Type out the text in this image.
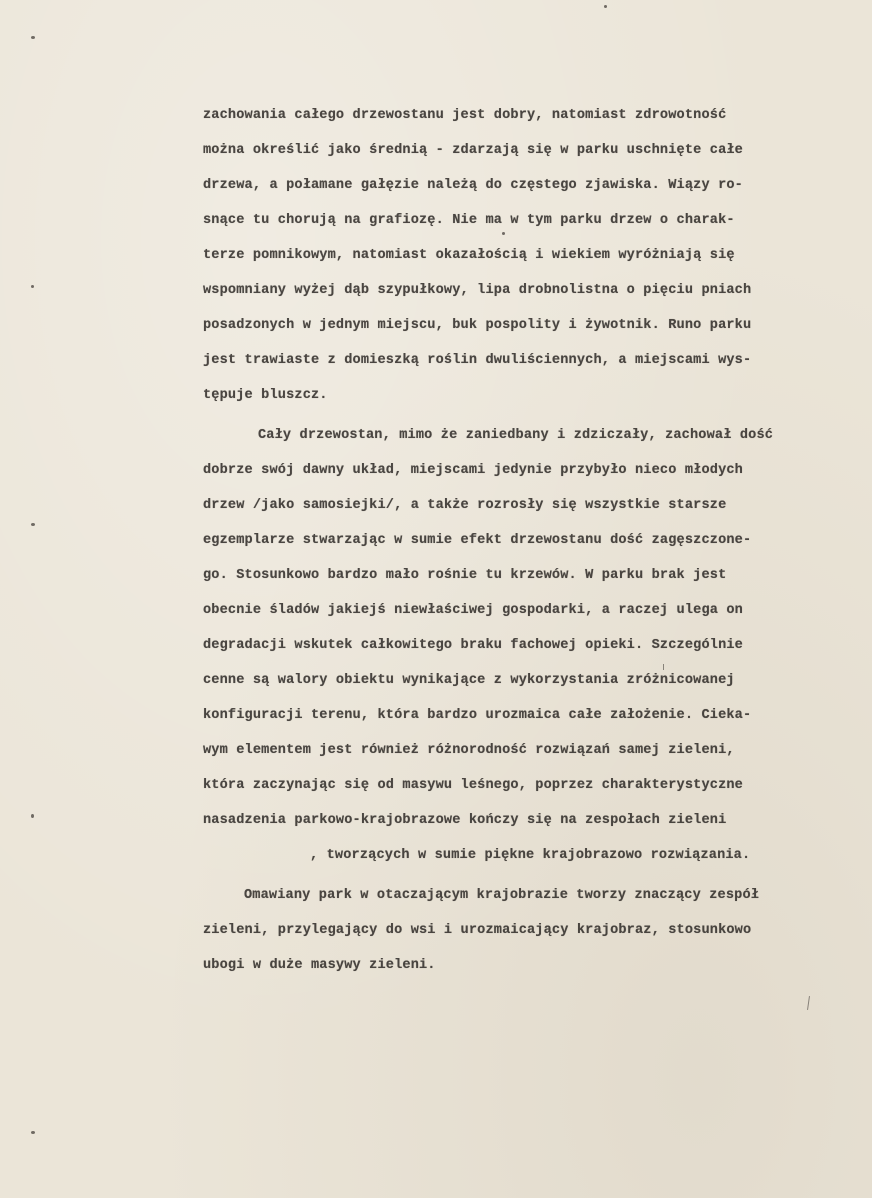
zachowania całego drzewostanu jest dobry, natomiast zdrowotność
można określić jako średnią - zdarzają się w parku uschnięte całe
drzewa, a połamane gałęzie należą do częstego zjawiska. Wiązy ro-
snące tu chorują na grafiozę. Nie ma w tym parku drzew o charak-
terze pomnikowym, natomiast okazałością i wiekiem wyróżniają się
wspomniany wyżej dąb szypułkowy, lipa drobnolistna o pięciu pniach
posadzonych w jednym miejscu, buk pospolity i żywotnik. Runo parku
jest trawiaste z domieszką roślin dwuliściennych, a miejscami wys-
tępuje bluszcz.
Cały drzewostan, mimo że zaniedbany i zdziczały, zachował dość
dobrze swój dawny układ, miejscami jedynie przybyło nieco młodych
drzew /jako samosiejki/, a także rozrosły się wszystkie starsze
egzemplarze stwarzając w sumie efekt drzewostanu dość zagęszczone-
go. Stosunkowo bardzo mało rośnie tu krzewów. W parku brak jest
obecnie śladów jakiejś niewłaściwej gospodarki, a raczej ulega on
degradacji wskutek całkowitego braku fachowej opieki. Szczególnie
cenne są walory obiektu wynikające z wykorzystania zróżnicowanej
konfiguracji terenu, która bardzo urozmaica całe założenie. Cieka-
wym elementem jest również różnorodność rozwiązań samej zieleni,
która zaczynając się od masywu leśnego, poprzez charakterystyczne
nasadzenia parkowo-krajobrazowe kończy się na zespołach zieleni
, tworzących w sumie piękne krajobrazowo rozwiązania.
Omawiany park w otaczającym krajobrazie tworzy znaczący zespół
zieleni, przylegający do wsi i urozmaicający krajobraz, stosunkowo
ubogi w duże masywy zieleni.
